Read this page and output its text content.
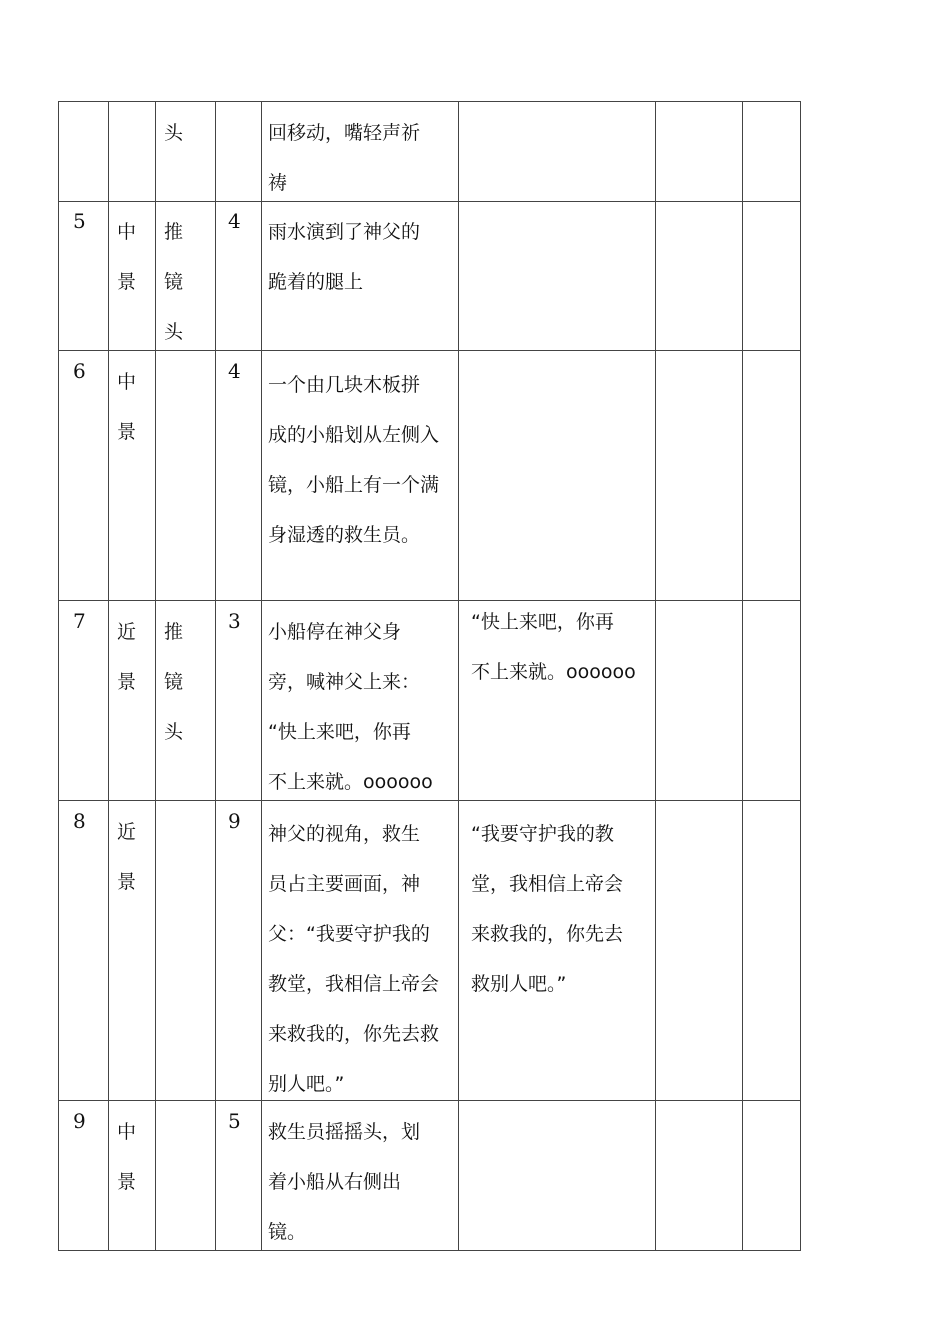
头	回移动，嘴轻声祈
祷
5 中
景
推
镜
头
4 雨水演到了神父的
跪着的腿上
6 中
景
4
一个由几块木板拼
成的小船划从左侧入
镜，小船上有一个满
身湿透的救生员。
7 近
景
推
镜
头
3 小船停在神父身
旁，喊神父上来：
“快上来吧，你再
不上来就。oooooo
“快上来吧，你再
不上来就。oooooo
8 近
景
9
神父的视角，救生
员占主要画面，神
父：“我要守护我的
教堂，我相信上帝会
来救我的，你先去救
别人吧。”
“我要守护我的教
堂，我相信上帝会
来救我的，你先去
救别人吧。”
9 中
景
5 救生员摇摇头，划
着小船从右侧出
镜。
